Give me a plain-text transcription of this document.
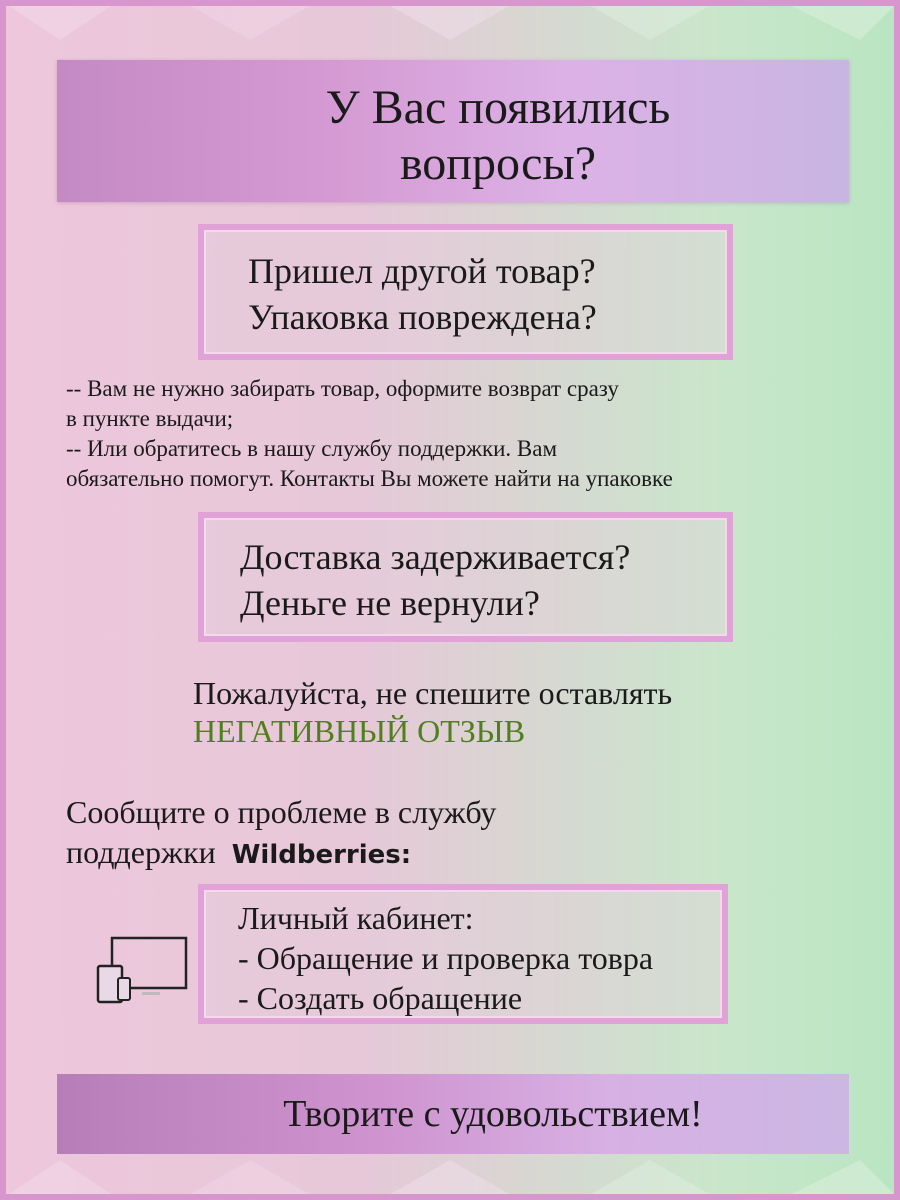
У Вас появились
вопросы?
Пришел другой товар?
Упаковка повреждена?

-- Вам не нужно забирать товар, оформите возврат сразу

в пункте выдачи;

-- Или обратитесь в нашу службу поддержки. Вам

обязательно помогут. Контакты Вы можете найти на упаковке

Доставка задерживается?
Деньге не вернули?
Пожалуйста, не спешите оставлять
НЕГАТИВНЫЙ ОТЗЫВ
Сообщите о проблеме в службу
поддержки Wildberries:
Личный кабинет:
- Обращение и проверка товра
- Создать обращение
Творите с удовольствием!
